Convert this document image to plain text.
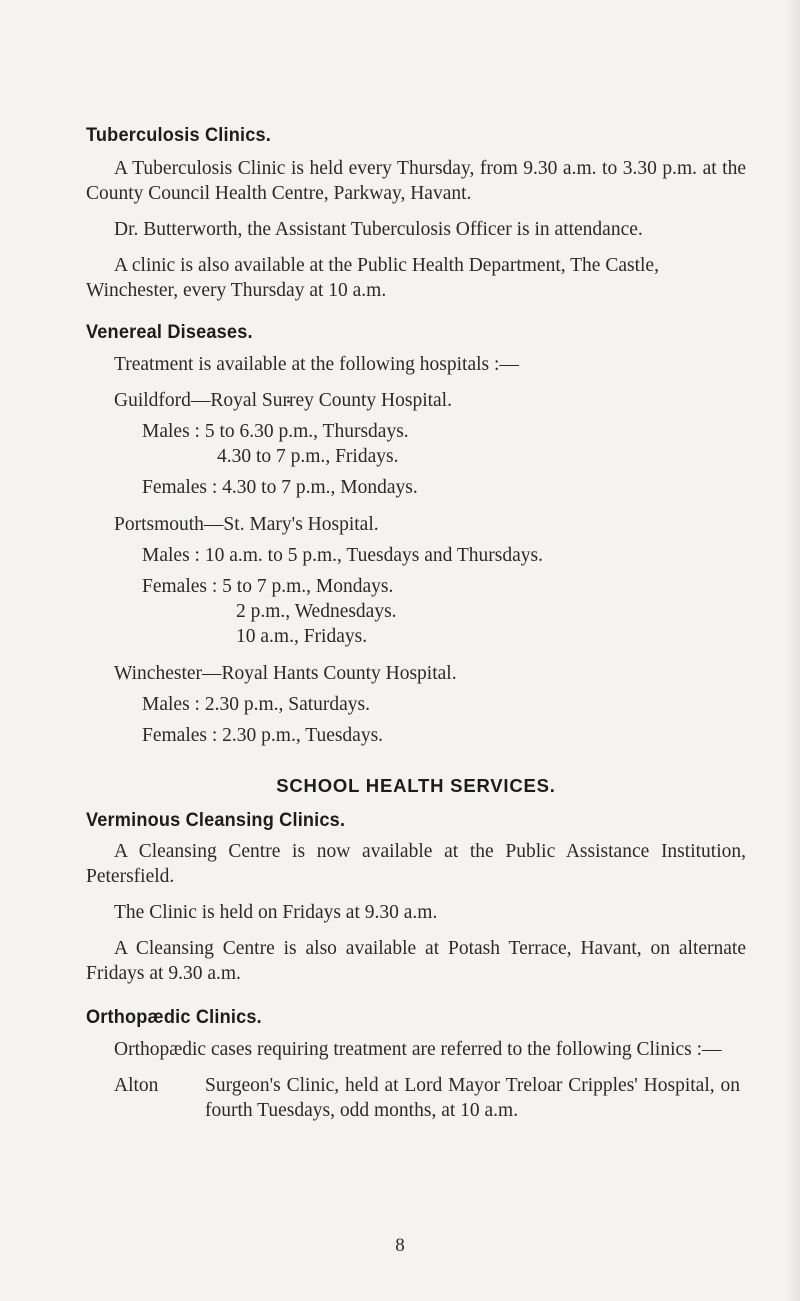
Tuberculosis Clinics.

A Tuberculosis Clinic is held every Thursday, from 9.30 a.m. to 3.30 p.m. at the County Council Health Centre, Parkway, Havant.

Dr. Butterworth, the Assistant Tuberculosis Officer is in attendance.

A clinic is also available at the Public Health Department, The Castle, Winchester, every Thursday at 10 a.m.

Venereal Diseases.

Treatment is available at the following hospitals :—

Guildford—Royal Surrey County Hospital.

Males : 5 to 6.30 p.m., Thursdays.

4.30 to 7 p.m., Fridays.

Females : 4.30 to 7 p.m., Mondays.

Portsmouth—St. Mary's Hospital.

Males : 10 a.m. to 5 p.m., Tuesdays and Thursdays.

Females : 5 to 7 p.m., Mondays.

2 p.m., Wednesdays.

10 a.m., Fridays.

Winchester—Royal Hants County Hospital.

Males : 2.30 p.m., Saturdays.

Females : 2.30 p.m., Tuesdays.

SCHOOL HEALTH SERVICES.
Verminous Cleansing Clinics.

A Cleansing Centre is now available at the Public Assistance Institution, Petersfield.

The Clinic is held on Fridays at 9.30 a.m.

A Cleansing Centre is also available at Potash Terrace, Havant, on alternate Fridays at 9.30 a.m.

Orthopædic Clinics.

Orthopædic cases requiring treatment are referred to the following Clinics :—

Alton	Surgeon's Clinic, held at Lord Mayor Treloar Cripples' Hospital, on fourth Tuesdays, odd months, at 10 a.m.

8
